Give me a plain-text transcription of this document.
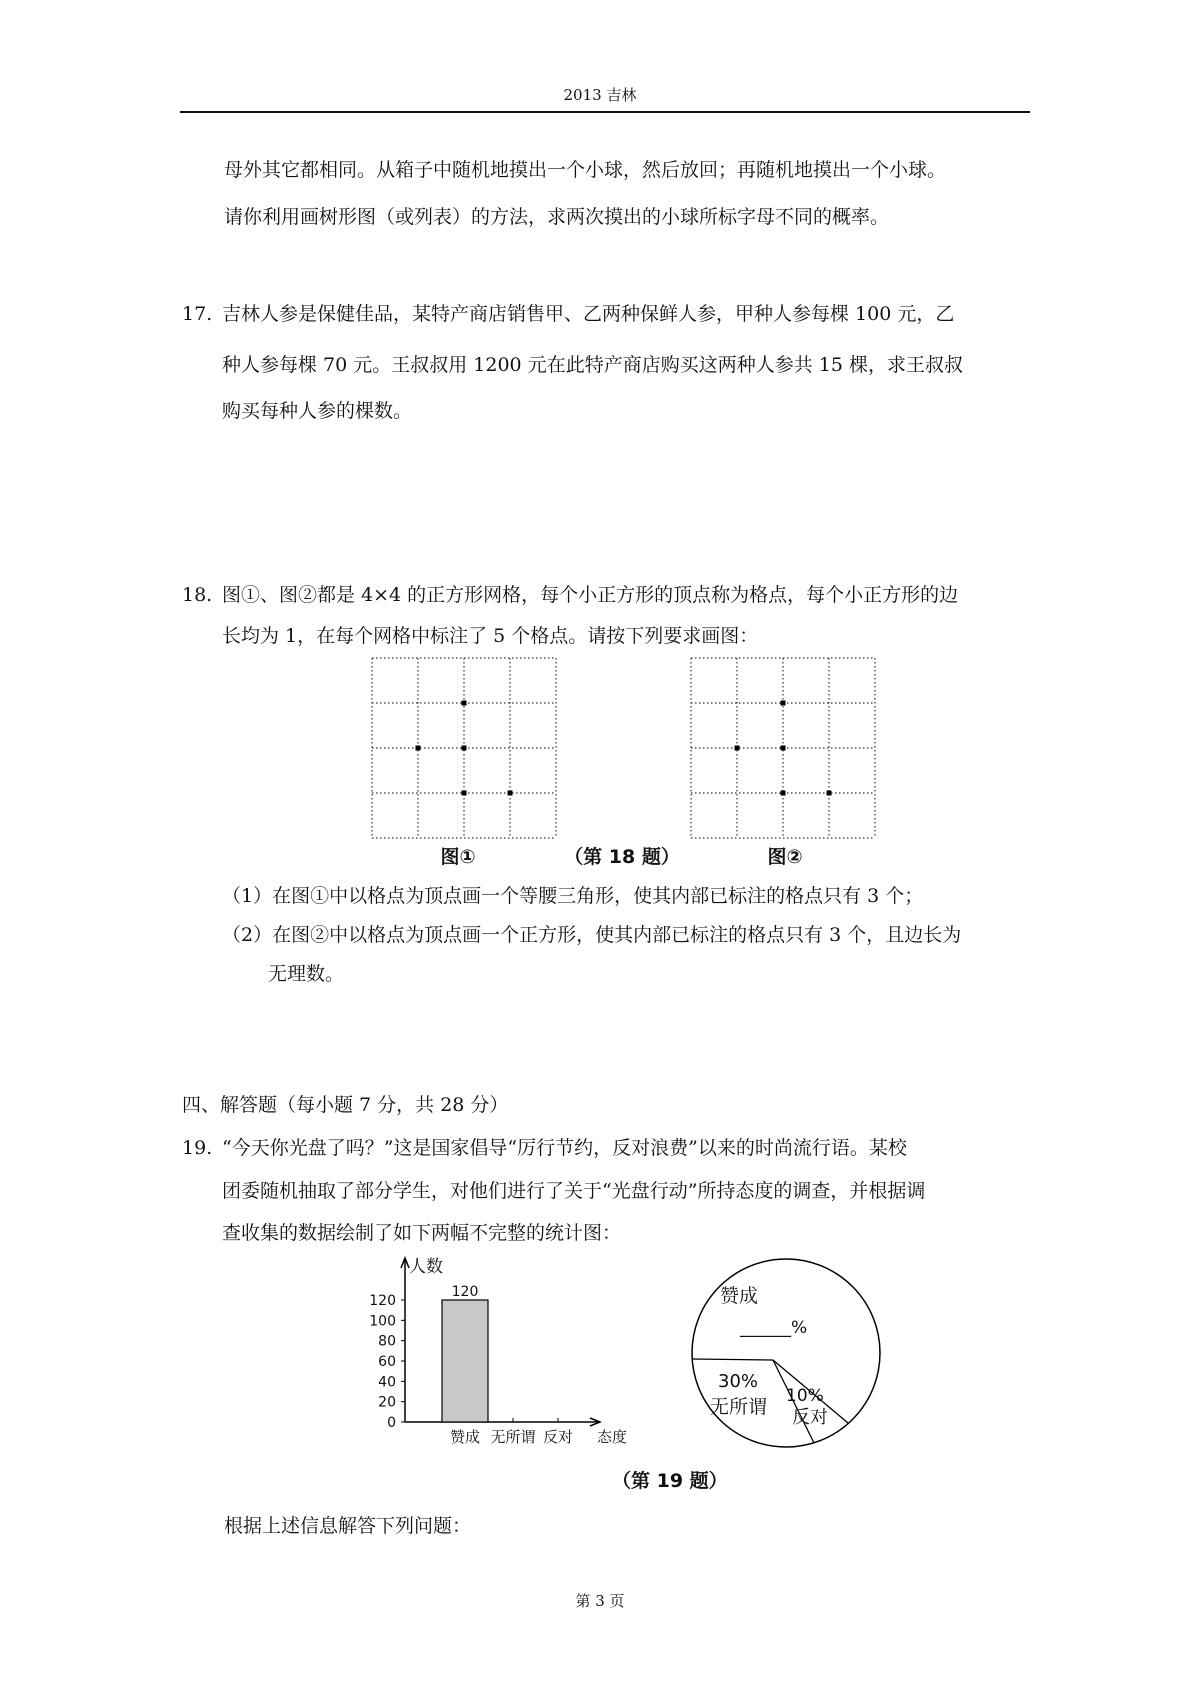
2013 吉林
母外其它都相同。从箱子中随机地摸出一个小球，然后放回；再随机地摸出一个小球。
请你利用画树形图（或列表）的方法，求两次摸出的小球所标字母不同的概率。
17. 吉林人参是保健佳品，某特产商店销售甲、乙两种保鲜人参，甲种人参每棵 100 元，乙
种人参每棵 70 元。王叔叔用 1200 元在此特产商店购买这两种人参共 15 棵，求王叔叔
购买每种人参的棵数。
18. 图①、图②都是 4×4 的正方形网格，每个小正方形的顶点称为格点，每个小正方形的边
长均为 1，在每个网格中标注了 5 个格点。请按下列要求画图：
图①	（第 18 题）	图②
（1）在图①中以格点为顶点画一个等腰三角形，使其内部已标注的格点只有 3 个；
（2）在图②中以格点为顶点画一个正方形，使其内部已标注的格点只有 3 个，且边长为
无理数。
四、解答题（每小题 7 分，共 28 分）
19. “今天你光盘了吗？”这是国家倡导“厉行节约，反对浪费”以来的时尚流行语。某校
团委随机抽取了部分学生，对他们进行了关于“光盘行动”所持态度的调查，并根据调
查收集的数据绘制了如下两幅不完整的统计图：
0
20
40
60
80
100
120
人数
赞成
120
无所谓 反对 态度
赞成
______%
30%
无所谓 10%
反对
（第 19 题）
根据上述信息解答下列问题：
第 3 页
